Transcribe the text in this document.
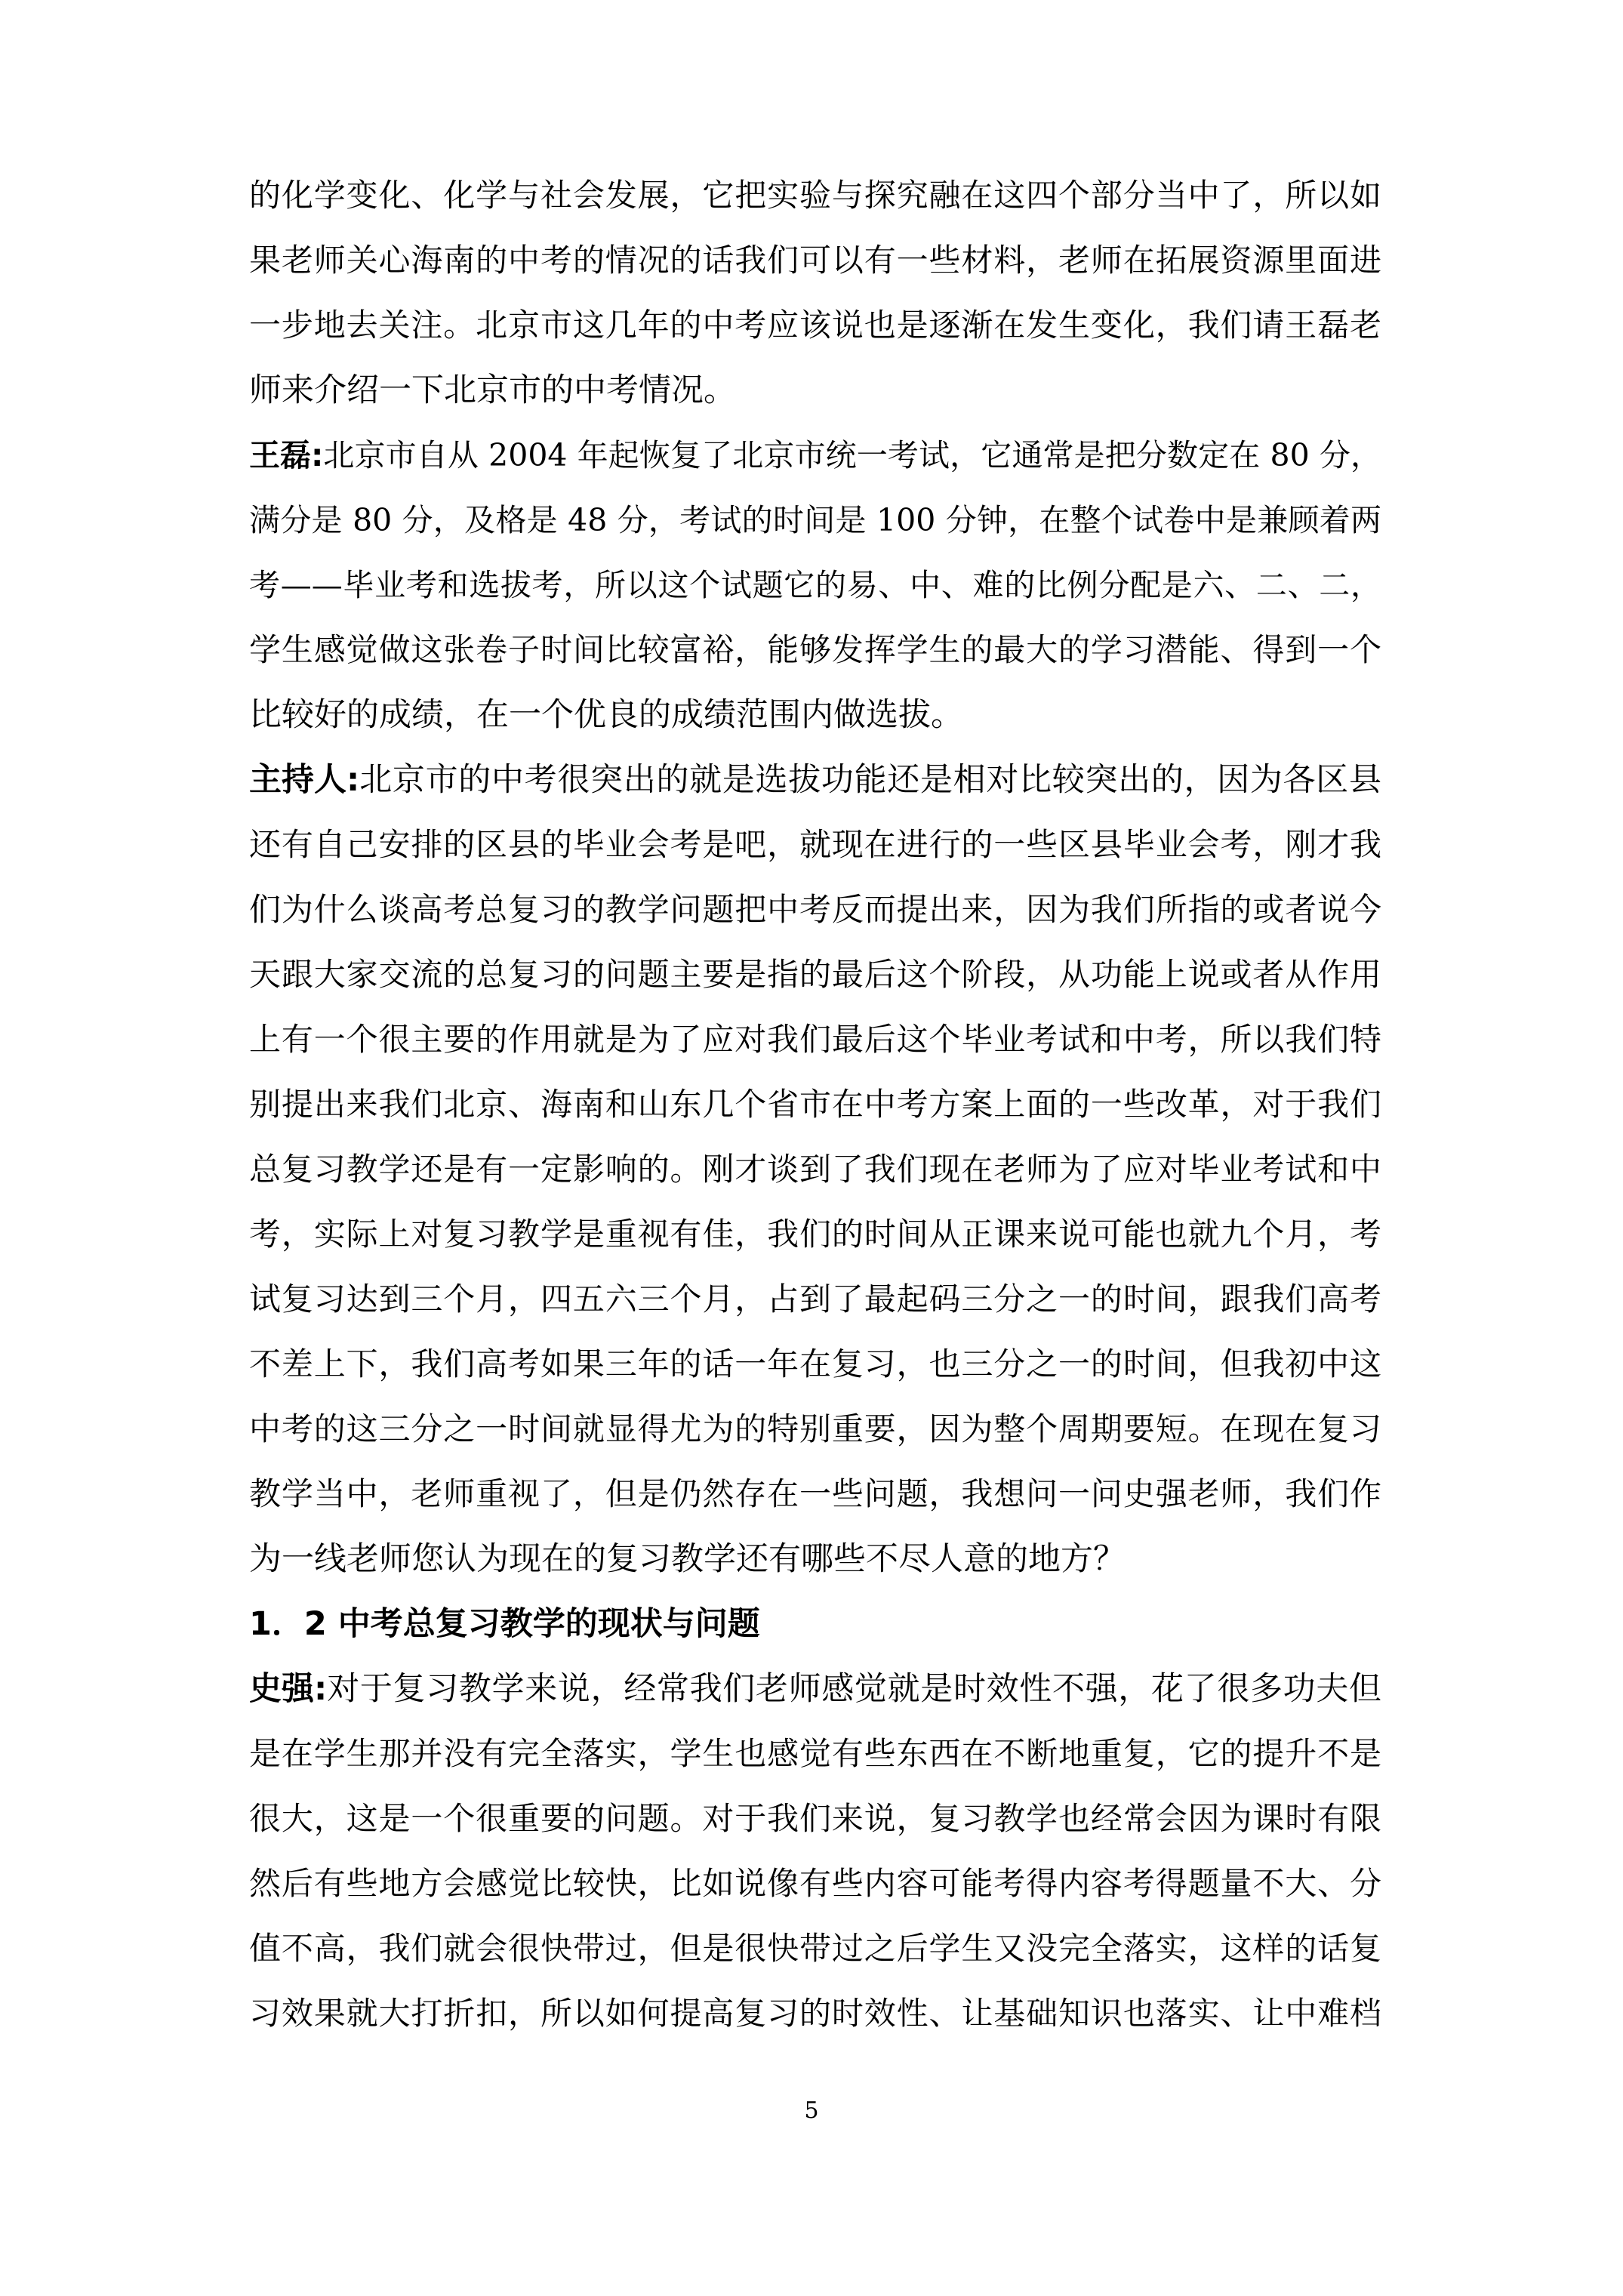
的化学变化、化学与社会发展，它把实验与探究融在这四个部分当中了，所以如
果老师关心海南的中考的情况的话我们可以有一些材料，老师在拓展资源里面进
一步地去关注。北京市这几年的中考应该说也是逐渐在发生变化，我们请王磊老
师来介绍一下北京市的中考情况。
王磊: 北京市自从 2004 年起恢复了北京市统一考试，它通常是把分数定在 80 分，
满分是 80 分，及格是 48 分，考试的时间是 100 分钟，在整个试卷中是兼顾着两
考——毕业考和选拔考，所以这个试题它的易、中、难的比例分配是六、二、二，
学生感觉做这张卷子时间比较富裕，能够发挥学生的最大的学习潜能、得到一个
比较好的成绩，在一个优良的成绩范围内做选拔。
主持人: 北京市的中考很突出的就是选拔功能还是相对比较突出的，因为各区县
还有自己安排的区县的毕业会考是吧，就现在进行的一些区县毕业会考，刚才我
们为什么谈高考总复习的教学问题把中考反而提出来，因为我们所指的或者说今
天跟大家交流的总复习的问题主要是指的最后这个阶段，从功能上说或者从作用
上有一个很主要的作用就是为了应对我们最后这个毕业考试和中考，所以我们特
别提出来我们北京、海南和山东几个省市在中考方案上面的一些改革，对于我们
总复习教学还是有一定影响的。刚才谈到了我们现在老师为了应对毕业考试和中
考，实际上对复习教学是重视有佳，我们的时间从正课来说可能也就九个月，考
试复习达到三个月，四五六三个月，占到了最起码三分之一的时间，跟我们高考
不差上下，我们高考如果三年的话一年在复习，也三分之一的时间，但我初中这
中考的这三分之一时间就显得尤为的特别重要，因为整个周期要短。在现在复习
教学当中，老师重视了，但是仍然存在一些问题，我想问一问史强老师，我们作
为一线老师您认为现在的复习教学还有哪些不尽人意的地方？
1．2 中考总复习教学的现状与问题
史强: 对于复习教学来说，经常我们老师感觉就是时效性不强，花了很多功夫但
是在学生那并没有完全落实，学生也感觉有些东西在不断地重复，它的提升不是
很大，这是一个很重要的问题。对于我们来说，复习教学也经常会因为课时有限
然后有些地方会感觉比较快，比如说像有些内容可能考得内容考得题量不大、分
值不高，我们就会很快带过，但是很快带过之后学生又没完全落实，这样的话复
习效果就大打折扣，所以如何提高复习的时效性、让基础知识也落实、让中难档
5
